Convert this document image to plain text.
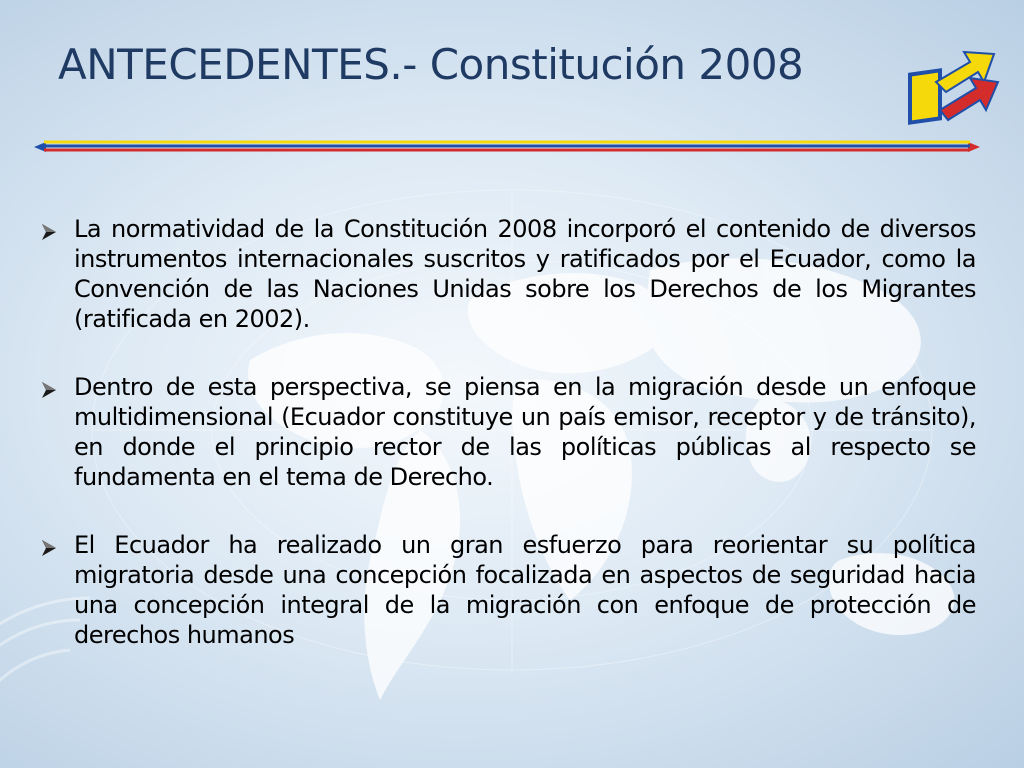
ANTECEDENTES.- Constitución 2008
La normatividad de la Constitución 2008 incorporó el contenido de diversos instrumentos internacionales suscritos y ratificados por el Ecuador, como la Convención de las Naciones Unidas sobre los Derechos de los Migrantes (ratificada en 2002).
Dentro de esta perspectiva, se piensa en la migración desde un enfoque multidimensional (Ecuador constituye un país emisor, receptor y de tránsito), en donde el principio rector de las políticas públicas al respecto se fundamenta en el tema de Derecho.
El Ecuador ha realizado un gran esfuerzo para reorientar su política migratoria desde una concepción focalizada en aspectos de seguridad hacia una concepción integral de la migración con enfoque de protección de derechos humanos
